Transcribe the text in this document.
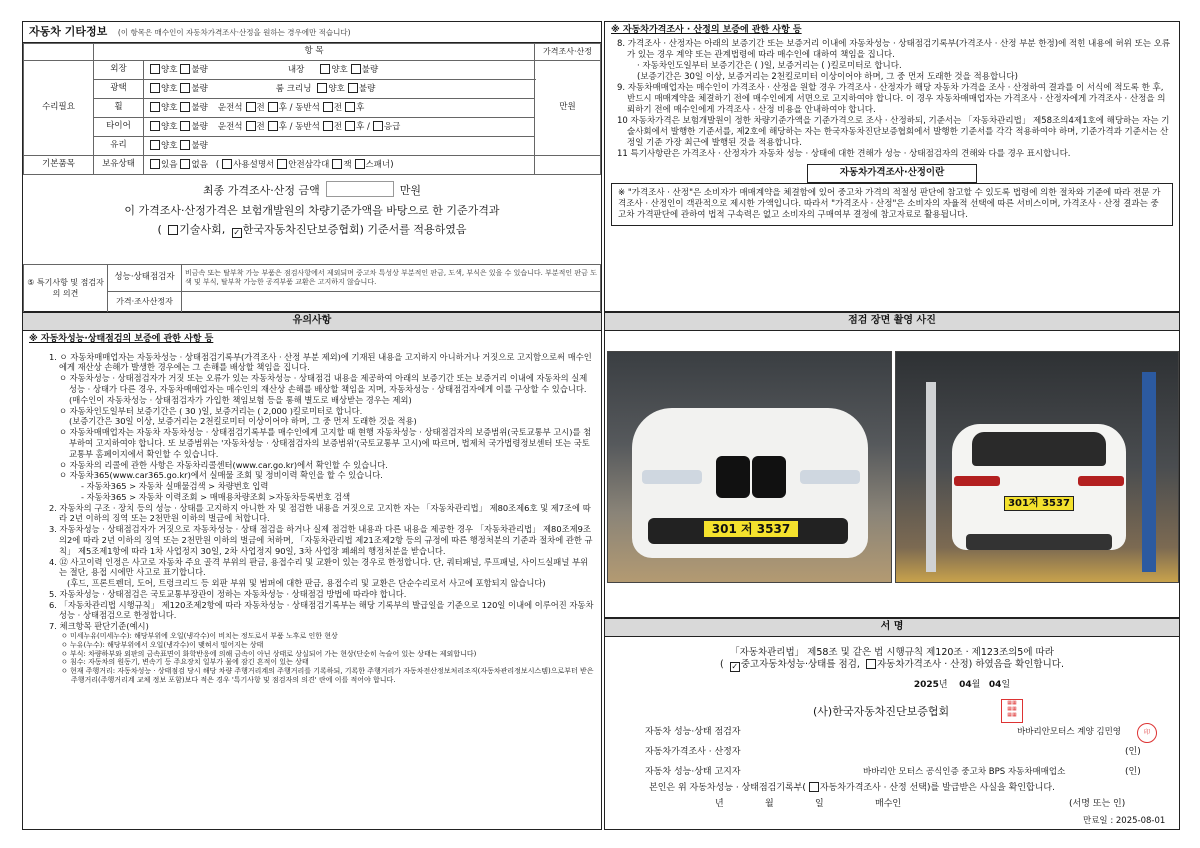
자동차 기타정보 (이 항목은 매수인이 자동차가격조사·산정을 원하는 경우에만 적습니다)
	항 목		가격조사·산정
수리필요	외장	양호 불량 내장 양호 불량	만원
	광택	양호 불량 룸 크리닝 양호 불량	
	휠	양호 불량 운전석 전 후 / 동반석 전 후	
	타이어	양호 불량 운전석 전 후 / 동반석 전 후 / 응급	
	유리	양호 불량	
기본품목	보유상태	있음 없음 ( 사용설명서 안전삼각대 잭 스패너)	
최종 가격조사·산정 금액	만원
이 가격조사·산정가격은 보험개발원의 차량기준가액을 바탕으로 한 기준가격과
( 기술사회, ✓ 한국자동차진단보증협회) 기준서를 적용하였음
⑤ 특기사항 및 점검자의 의견	성능·상태점검자	비금속 또는 탈부착 가능 부품은 점검사항에서 제외되며 중고차 특성상 부분적인 판금, 도색, 부식은 있을 수 있습니다. 부분적인 판금 도색 및 부식, 탈부착 가능한 공격부품 교환은 고지하지 않습니다.
	가격·조사산정자	
※ 자동차가격조사 · 산정의 보증에 관한 사항 등

8. 가격조사 · 산정자는 아래의 보증기간 또는 보증거리 이내에 자동차성능 · 상태점검기록부(가격조사 · 산정 부분 한정)에 적힌 내용에 허위 또는 오류가 있는 경우 계약 또는 관계법령에 따라 매수인에 대하여 책임을 집니다.

· 자동차인도일부터 보증기간은 ( )일, 보증거리는 ( )킬로미터로 합니다.

(보증기간은 30일 이상, 보증거리는 2천킬로미터 이상이어야 하며, 그 중 먼저 도래한 것을 적용합니다)

9. 자동차매매업자는 매수인이 가격조사 · 산정을 원할 경우 가격조사 · 산정자가 해당 자동차 가격을 조사 · 산정하여 결과를 이 서식에 적도록 한 후, 반드시 매매계약을 체결하기 전에 매수인에게 서면으로 고지하여야 합니다. 이 경우 자동차매매업자는 가격조사 · 산정자에게 가격조사 · 산정을 의뢰하기 전에 매수인에게 가격조사 · 산정 비용을 안내하여야 합니다.

10 자동차가격은 보험개발원이 정한 차량기준가액을 기준가격으로 조사 · 산정하되, 기준서는 「자동차관리법」 제58조의4제1호에 해당하는 자는 기술사회에서 발행한 기준서를, 제2호에 해당하는 자는 한국자동차진단보증협회에서 발행한 기준서를 각각 적용하여야 하며, 기준가격과 기준서는 산정일 기준 가장 최근에 발행된 것을 적용합니다.

11 특기사항란은 가격조사 · 산정자가 자동차 성능 · 상태에 대한 견해가 성능 · 상태점검자의 견해와 다를 경우 표시합니다.

자동차가격조사·산정이란
※ "가격조사 · 산정"은 소비자가 매매계약을 체결함에 있어 중고차 가격의 적절성 판단에 참고할 수 있도록 법령에 의한 절차와 기준에 따라 전문 가격조사 · 산정인이 객관적으로 제시한 가액입니다. 따라서 "가격조사 · 산정"은 소비자의 자율적 선택에 따른 서비스이며, 가격조사 · 산정 결과는 중고차 가격판단에 관하여 법적 구속력은 없고 소비자의 구매여부 결정에 참고자료로 활용됩니다.
유의사항
※ 자동차성능·상태점검의 보증에 관한 사항 등

1. ㅇ 자동차매매업자는 자동차성능 · 상태점검기록부(가격조사 · 산정 부분 제외)에 기재된 내용을 고지하지 아니하거나 거짓으로 고지함으로써 매수인에게 재산상 손해가 발생한 경우에는 그 손해를 배상할 책임을 집니다.

ㅇ 자동차성능 · 상태점검자가 거짓 또는 오류가 있는 자동차성능 · 상태점검 내용을 제공하여 아래의 보증기간 또는 보증거리 이내에 자동차의 실제 성능 · 상태가 다른 경우, 자동차매매업자는 매수인의 재산상 손해를 배상할 책임을 지며, 자동차성능 · 상태점검자에게 이를 구상할 수 있습니다.(매수인이 자동차성능 · 상태점검자가 가입한 책임보험 등을 통해 별도로 배상받는 경우는 제외)

ㅇ 자동차인도일부터 보증기간은 ( 30 )일, 보증거리는 ( 2,000 )킬로미터로 합니다.

(보증기간은 30일 이상, 보증거리는 2천킬로미터 이상이어야 하며, 그 중 먼저 도래한 것을 적용)

ㅇ 자동차매매업자는 자동차 자동차성능 · 상태점검기록부를 매수인에게 고지할 때 현행 자동차성능 · 상태점검자의 보증범위(국토교통부 고시)를 첨부하여 고지하여야 합니다. 또 보증범위는 '자동차성능 · 상태점검자의 보증범위'(국토교통부 고시)에 따르며, 법제처 국가법령정보센터 또는 국토교통부 홈페이지에서 확인할 수 있습니다.

ㅇ 자동차의 리콜에 관한 사항은 자동차리콜센터(www.car.go.kr)에서 확인할 수 있습니다.

ㅇ 자동차365(www.car365.go.kr)에서 실매물 조회 및 정비이력 확인을 할 수 있습니다.

- 자동차365 > 자동차 실매물검색 > 차량번호 입력

- 자동차365 > 자동차 이력조회 > 매매용차량조회 >자동차등록번호 검색

2. 자동차의 구조 · 장치 등의 성능 · 상태를 고지하지 아니한 자 및 점검한 내용을 거짓으로 고지한 자는 「자동차관리법」 제80조제6호 및 제7조에 따라 2년 이하의 징역 또는 2천만원 이하의 벌금에 처합니다.

3. 자동차성능 · 상태점검자가 거짓으로 자동차성능 · 상태 점검을 하거나 실제 점검한 내용과 다른 내용을 제공한 경우 「자동차관리법」 제80조제9조의2에 따라 2년 이하의 징역 또는 2천만원 이하의 벌금에 처하며, 「자동차관리법 제21조제2항 등의 규정에 따른 행정처분의 기준과 절차에 관한 규칙」 제5조제1항에 따라 1차 사업정지 30일, 2차 사업정지 90일, 3차 사업장 폐쇄의 행정처분을 받습니다.

4. ⑫ 사고이력 인정은 사고로 자동차 주요 골격 부위의 판금, 용접수리 및 교환이 있는 경우로 한정합니다. 단, 쿼터패널, 루프패널, 사이드실패널 부위는 절단, 용접 시에만 사고로 표기합니다.

(후드, 프론트펜더, 도어, 트렁크리드 등 외판 부위 및 범퍼에 대한 판금, 용접수리 및 교환은 단순수리로서 사고에 포함되지 않습니다)

5. 자동차성능 · 상태점검은 국토교통부장관이 정하는 자동차성능 · 상태점검 방법에 따라야 합니다.

6. 「자동차관리법 시행규칙」 제120조제2항에 따라 자동차성능 · 상태점검기록부는 해당 기록부의 발급일을 기준으로 120일 이내에 이루어진 자동차 성능 · 상태점검으로 한정합니다.

7. 체크항목 판단기준(예시)

ㅇ 미세누유(미세누수): 해당부위에 오일(냉각수)이 비치는 정도로서 부품 노후로 인한 현상

ㅇ 누유(누수): 해당부위에서 오일(냉각수)이 맺혀서 떨어지는 상태

ㅇ 부식: 차량하부와 외판의 금속표면이 화학반응에 의해 금속이 아닌 상태로 상실되어 가는 현상(단순히 녹슬어 있는 상태는 제외합니다)

ㅇ 침수: 자동차의 원동기, 변속기 등 주요장치 일부가 물에 잠긴 흔적이 있는 상태

ㅇ 현재 주행거리: 자동차성능 · 상태점검 당시 해당 차량 주행거리계의 주행거리를 기록하되, 기록한 주행거리가 자동차전산정보처리조직(자동차관리정보시스템)으로부터 받은 주행거리(주행거리계 교체 정보 포함)보다 적은 경우 '특기사항 및 점검자의 의견' 란에 이를 적어야 합니다.

점검 장면 촬영 사진
301 저 3537
301저 3537
서 명
「자동차관리법」 제58조 및 같은 법 시행규칙 제120조 · 제123조의5에 따라
( ✓ 중고자동차성능·상태를 점검, 자동차가격조사 · 산정) 하였음을 확인합니다.
2025년 04월 04일
(사)한국자동차진단보증협회
▦▦
▦▦
▦▦
자동차 성능·상태 점검자	바바리안모터스 계양 김민영	印
자동차가격조사 · 산정자	(인)
자동차 성능·상태 고지자	바바리안 모터스 공식인증 중고차 BPS 자동차매매업소	(인)
본인은 위 자동차성능 · 상태점검기록부( 자동차가격조사 · 산정 선택)를 발급받은 사실을 확인합니다.
년	월	일	매수인	(서명 또는 인)
만료일 : 2025-08-01
